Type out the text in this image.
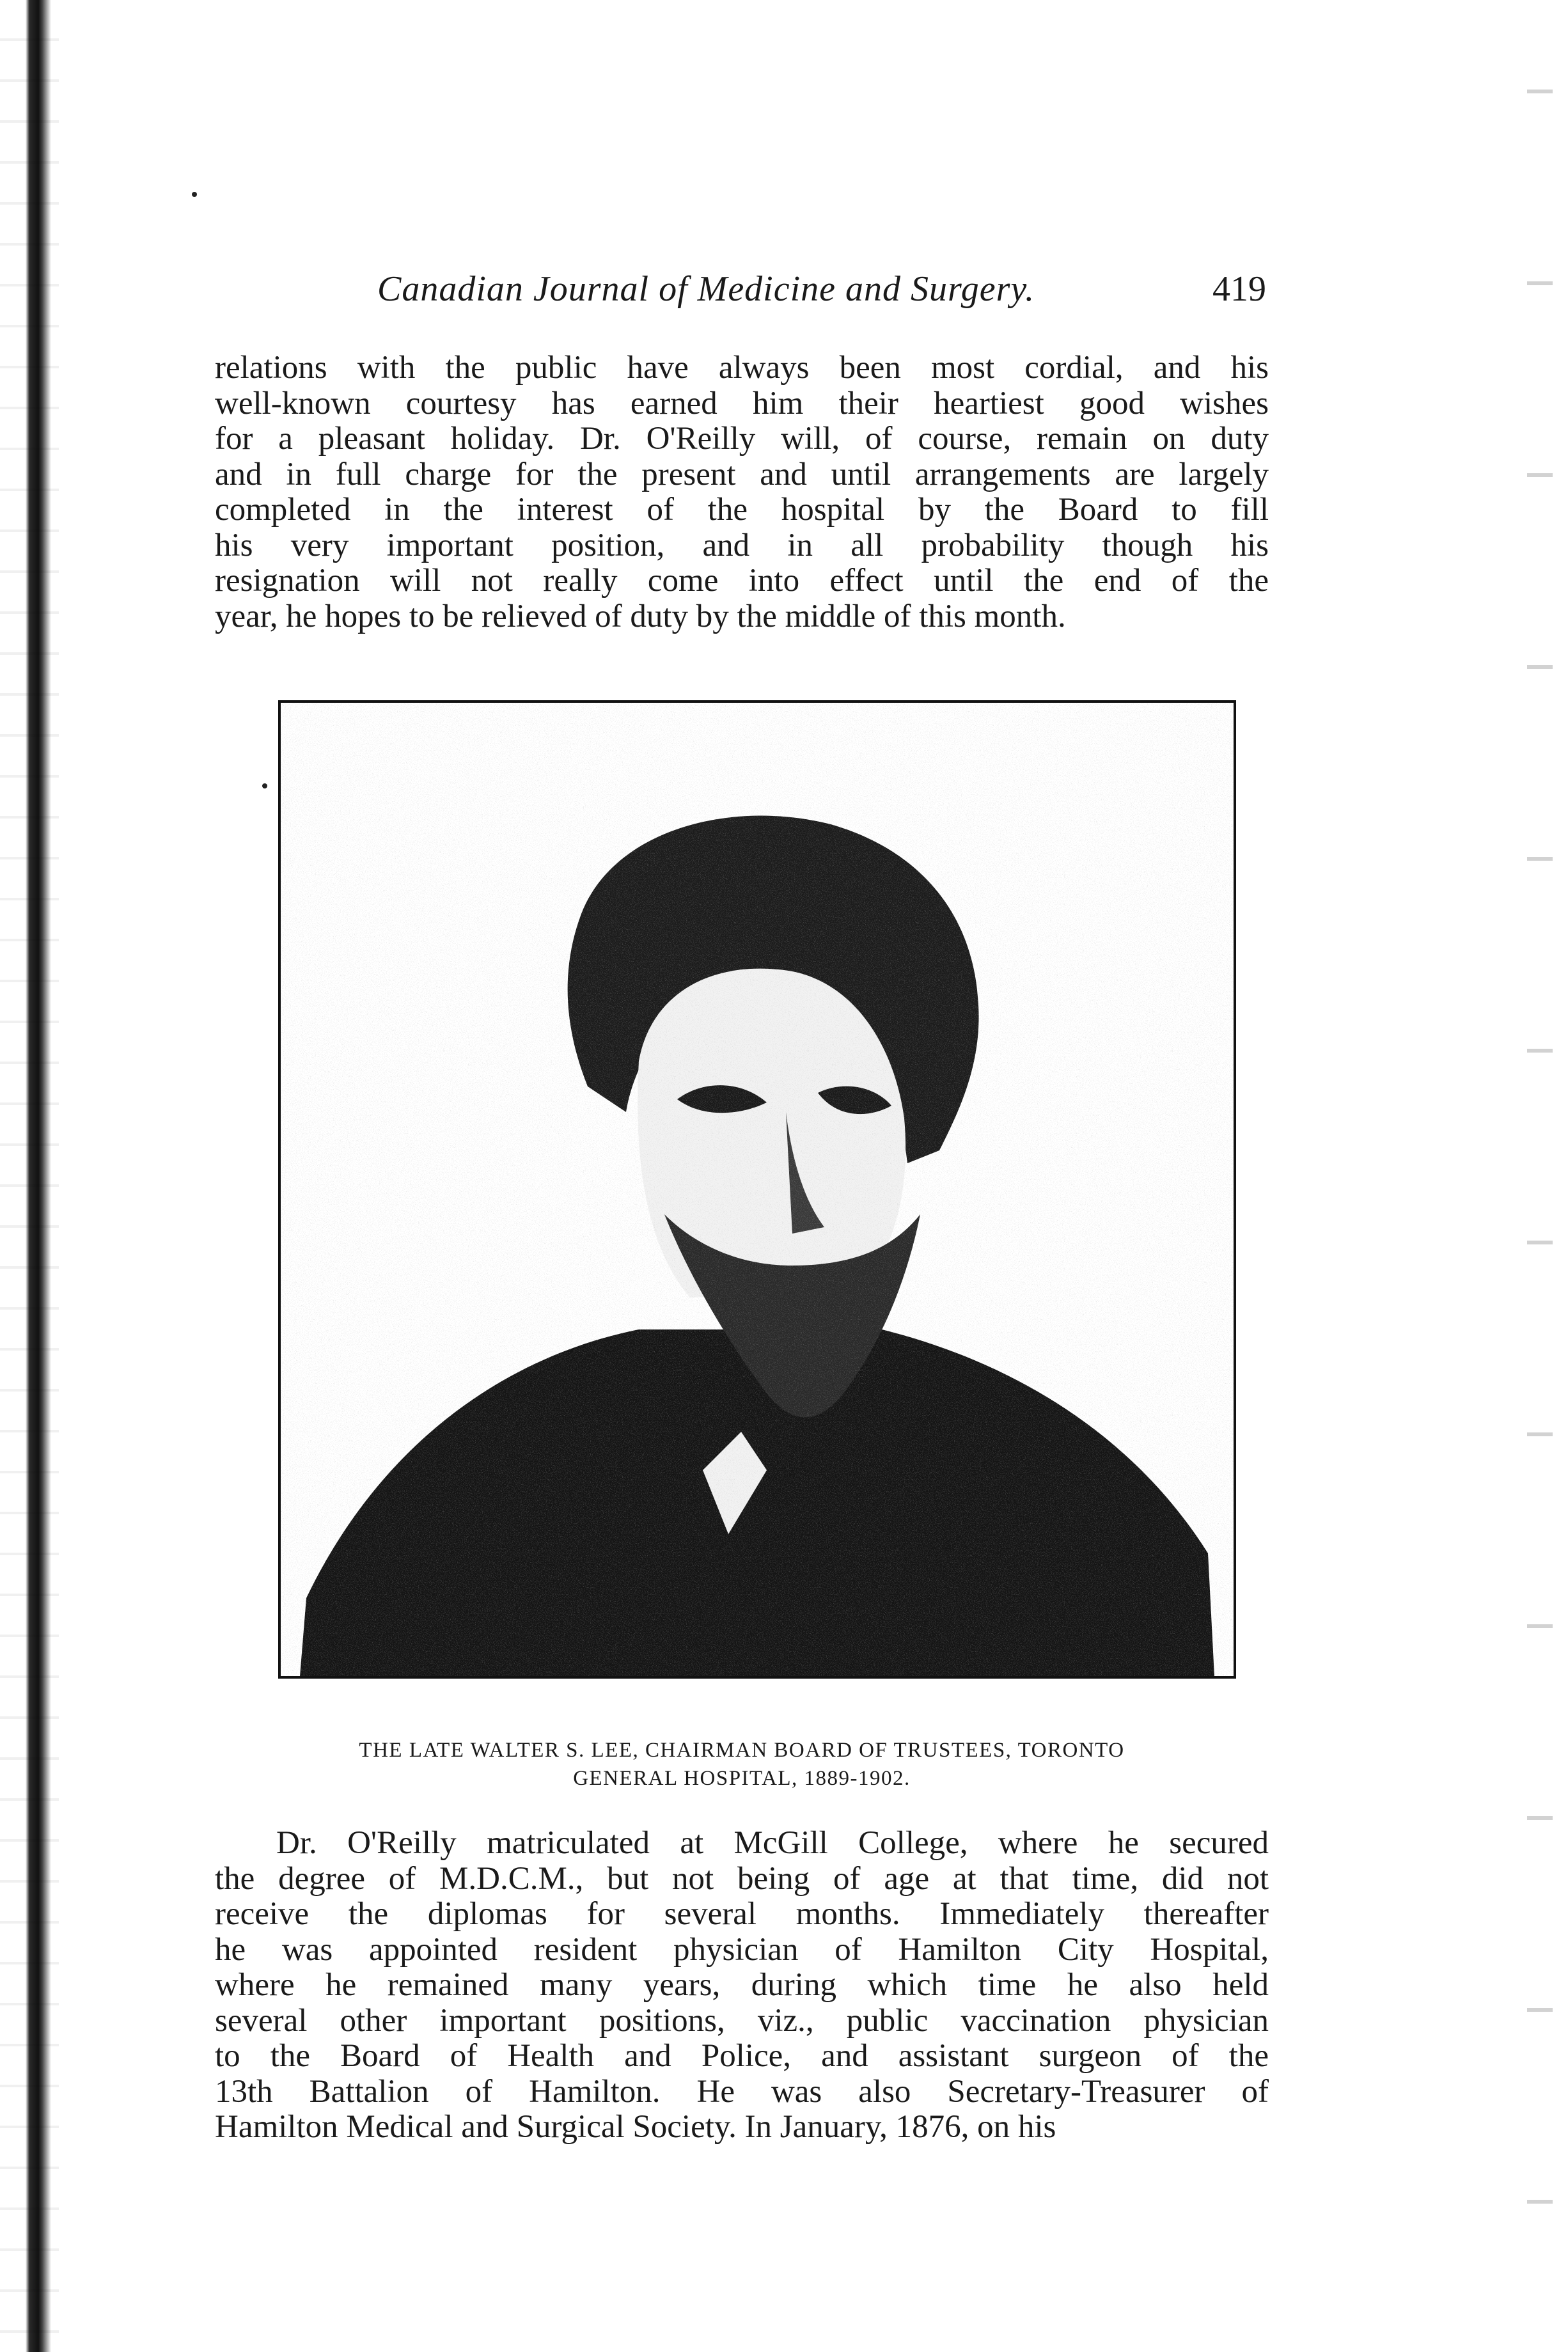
Canadian Journal of Medicine and Surgery.	419
relations with the public have always been most cordial, and his
well-known courtesy has earned him their heartiest good wishes
for a pleasant holiday. Dr. O'Reilly will, of course, remain on duty
and in full charge for the present and until arrangements are largely
completed in the interest of the hospital by the Board to fill
his very important position, and in all probability though his
resignation will not really come into effect until the end of the
year, he hopes to be relieved of duty by the middle of this month.
THE LATE WALTER S. LEE, CHAIRMAN BOARD OF TRUSTEES, TORONTO
GENERAL HOSPITAL, 1889-1902.
Dr. O'Reilly matriculated at McGill College, where he secured
the degree of M.D.C.M., but not being of age at that time, did not
receive the diplomas for several months. Immediately thereafter
he was appointed resident physician of Hamilton City Hospital,
where he remained many years, during which time he also held
several other important positions, viz., public vaccination physician
to the Board of Health and Police, and assistant surgeon of the
13th Battalion of Hamilton. He was also Secretary-Treasurer of
Hamilton Medical and Surgical Society. In January, 1876, on his
